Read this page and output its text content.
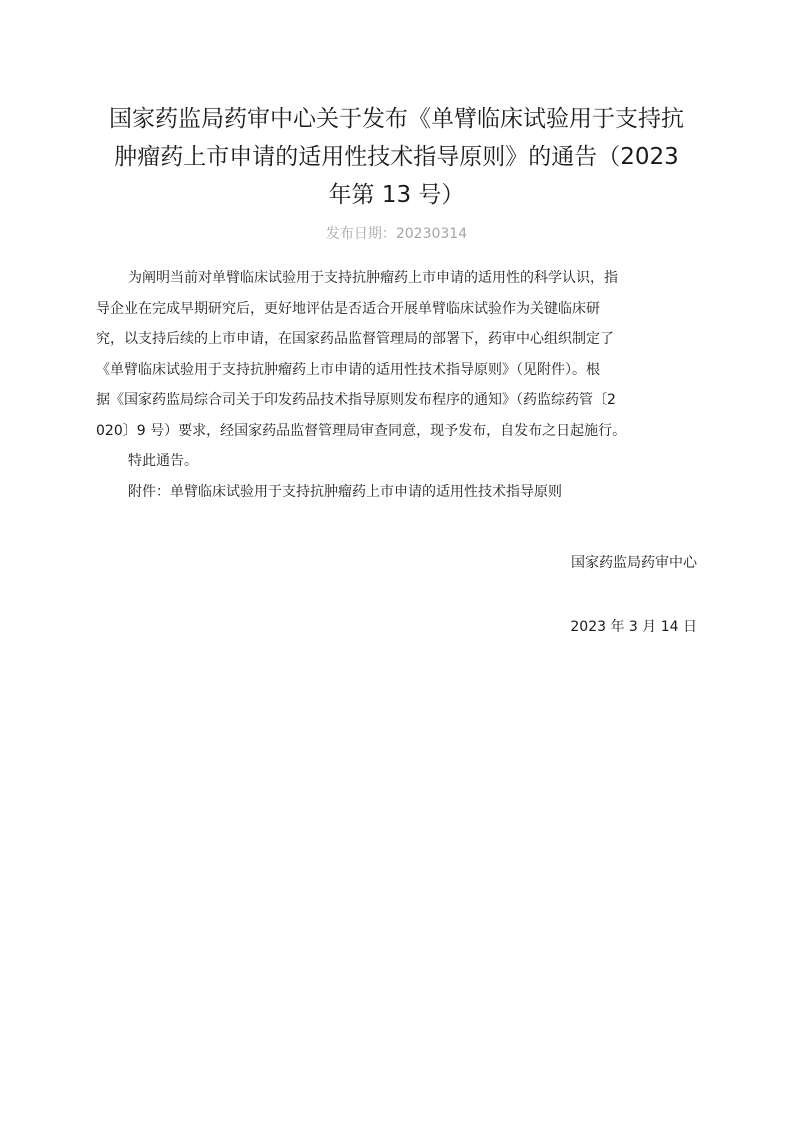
国家药监局药审中心关于发布《单臂临床试验用于支持抗
肿瘤药上市申请的适用性技术指导原则》的通告（2023
年第 13 号）
发布日期：20230314
为阐明当前对单臂临床试验用于支持抗肿瘤药上市申请的适用性的科学认识，指
导企业在完成早期研究后，更好地评估是否适合开展单臂临床试验作为关键临床研
究，以支持后续的上市申请，在国家药品监督管理局的部署下，药审中心组织制定了
《单臂临床试验用于支持抗肿瘤药上市申请的适用性技术指导原则》（见附件）。根
据《国家药监局综合司关于印发药品技术指导原则发布程序的通知》（药监综药管〔2
020〕9 号）要求，经国家药品监督管理局审查同意，现予发布，自发布之日起施行。
特此通告。
附件：单臂临床试验用于支持抗肿瘤药上市申请的适用性技术指导原则
国家药监局药审中心
2023 年 3 月 14 日
